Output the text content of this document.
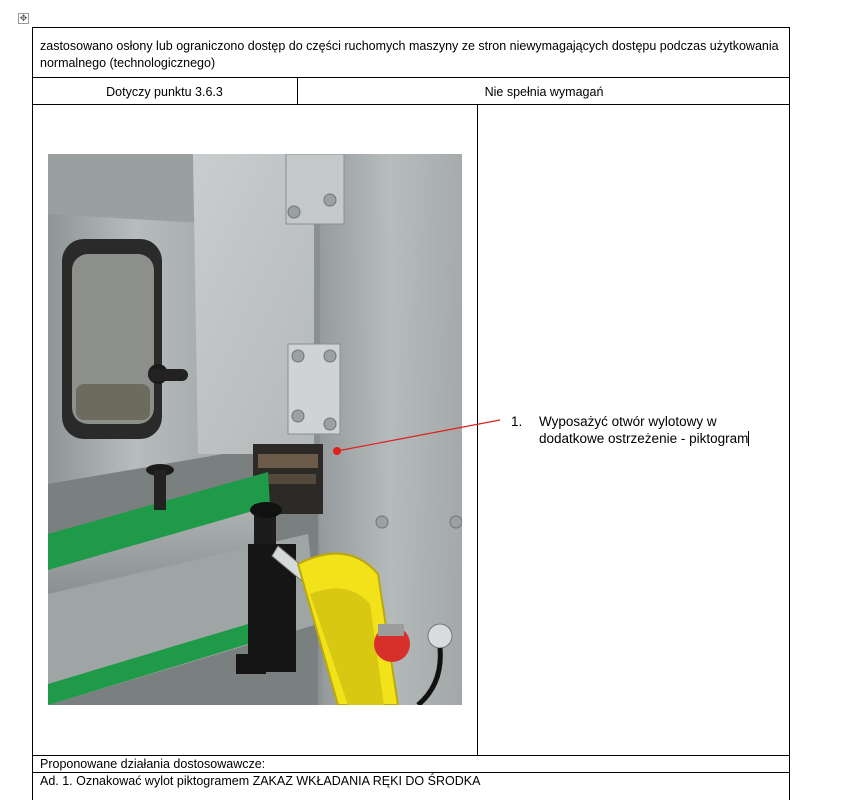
✥
zastosowano osłony lub ograniczono dostęp do części ruchomych maszyny ze stron niewymagających dostępu podczas użytkowania normalnego (technologicznego)
Dotyczy punktu 3.6.3	Nie spełnia wymagań
1. Wyposażyć otwór wylotowy w dodatkowe ostrzeżenie - piktogram
Proponowane działania dostosowawcze:
Ad. 1. Oznakować wylot piktogramem ZAKAZ WKŁADANIA RĘKI DO ŚRODKA
